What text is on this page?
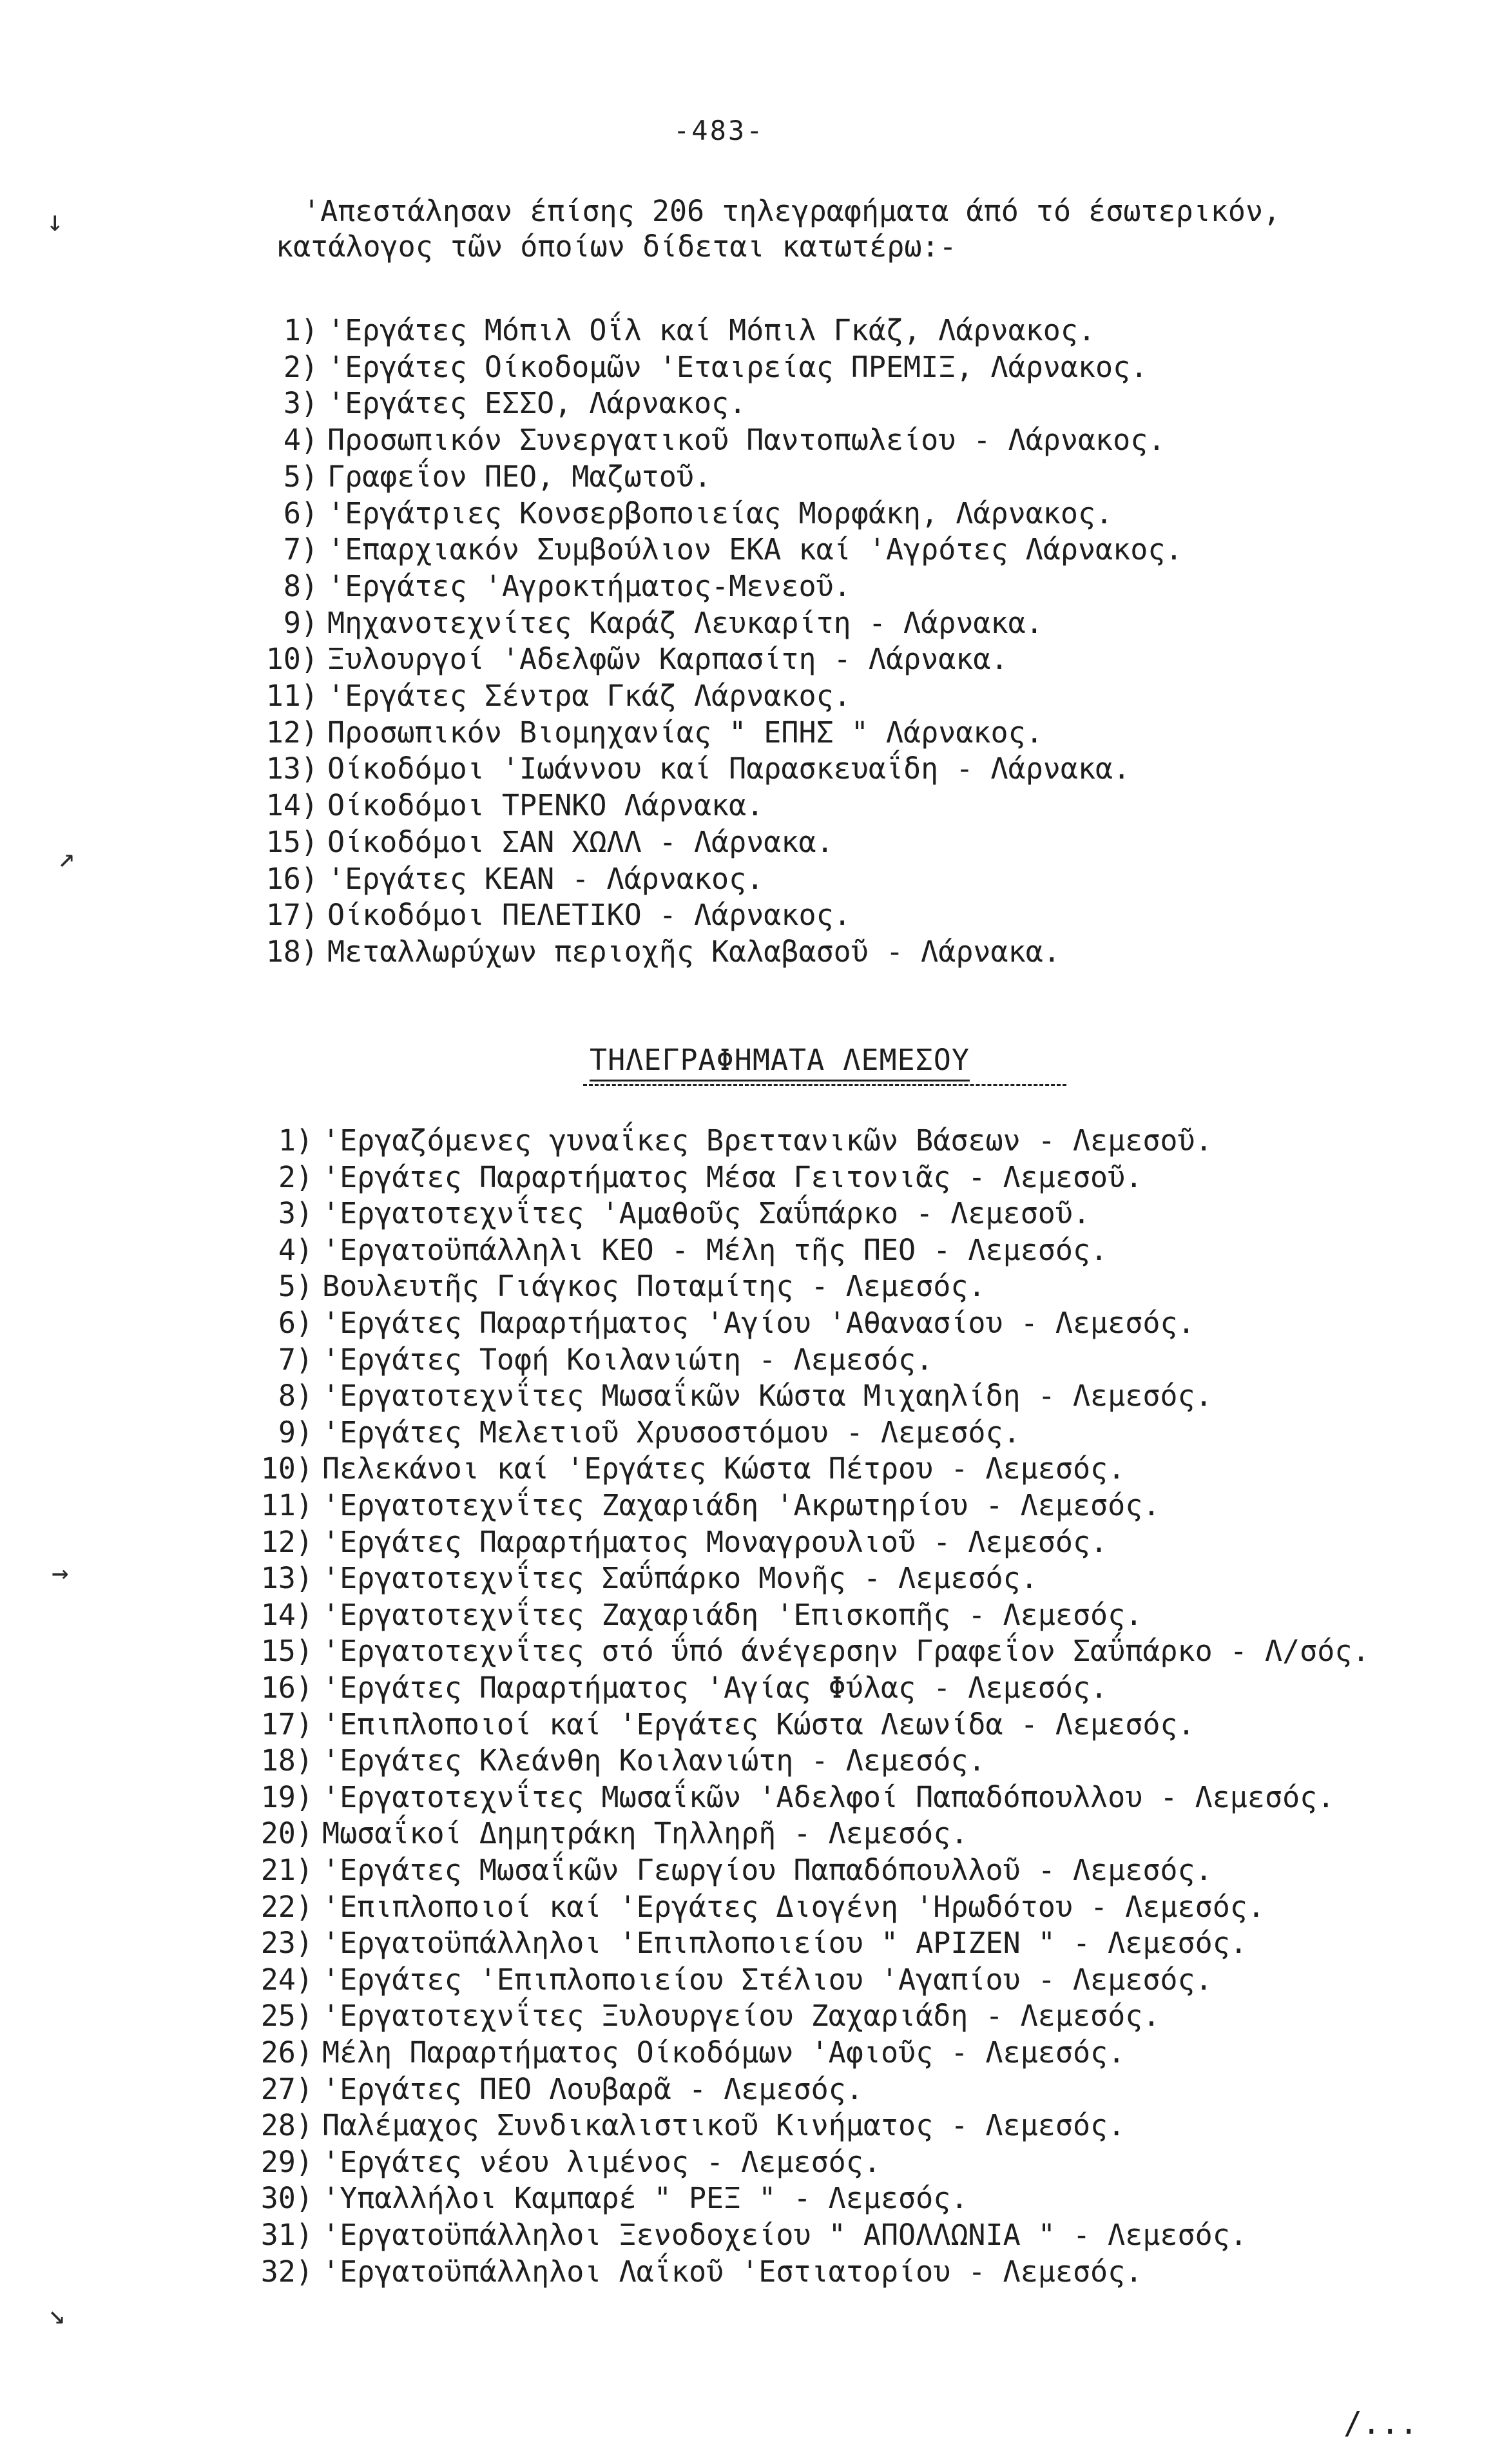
-483-

'Απεστάλησαν έπίσης 206 τηλεγραφήματα άπό τό έσωτερικόν,

κατάλογος τῶν όποίων δίδεται κατωτέρω:-

1) 'Εργάτες Μόπιλ Οΐλ καί Μόπιλ Γκάζ, Λάρνακος.
2) 'Εργάτες Οίκοδομῶν 'Εταιρείας ΠΡΕΜΙΞ, Λάρνακος.
3) 'Εργάτες ΕΣΣΟ, Λάρνακος.
4) Προσωπικόν Συνεργατικοῦ Παντοπωλείου - Λάρνακος.
5) Γραφεΐον ΠΕΟ, Μαζωτοῦ.
6) 'Εργάτριες Κονσερβοποιείας Μορφάκη, Λάρνακος.
7) 'Επαρχιακόν Συμβούλιον ΕΚΑ καί 'Αγρότες Λάρνακος.
8) 'Εργάτες 'Αγροκτήματος-Μενεοῦ.
9) Μηχανοτεχνίτες Καράζ Λευκαρίτη - Λάρνακα.
10) Ξυλουργοί 'Αδελφῶν Καρπασίτη - Λάρνακα.
11) 'Εργάτες Σέντρα Γκάζ Λάρνακος.
12) Προσωπικόν Βιομηχανίας " ΕΠΗΣ " Λάρνακος.
13) Οίκοδόμοι 'Ιωάννου καί Παρασκευαΐδη - Λάρνακα.
14) Οίκοδόμοι ΤΡΕΝΚΟ Λάρνακα.
15) Οίκοδόμοι ΣΑΝ ΧΩΛΛ - Λάρνακα.
16) 'Εργάτες ΚΕΑΝ - Λάρνακος.
17) Οίκοδόμοι ΠΕΛΕΤΙΚΟ - Λάρνακος.
18) Μεταλλωρύχων περιοχῆς Καλαβασοῦ - Λάρνακα.
1) 'Εργαζόμενες γυναΐκες Βρεττανικῶν Βάσεων - Λεμεσοῦ.
2) 'Εργάτες Παραρτήματος Μέσα Γειτονιᾶς - Λεμεσοῦ.
3) 'Εργατοτεχνΐτες 'Αμαθοῦς Σαΰπάρκο - Λεμεσοῦ.
4) 'Εργατοϋπάλληλι ΚΕΟ - Μέλη τῆς ΠΕΟ - Λεμεσός.
5) Βουλευτῆς Γιάγκος Ποταμίτης - Λεμεσός.
6) 'Εργάτες Παραρτήματος 'Αγίου 'Αθανασίου - Λεμεσός.
7) 'Εργάτες Τοφή Κοιλανιώτη - Λεμεσός.
8) 'Εργατοτεχνΐτες Μωσαΐκῶν Κώστα Μιχαηλίδη - Λεμεσός.
9) 'Εργάτες Μελετιοῦ Χρυσοστόμου - Λεμεσός.
10) Πελεκάνοι καί 'Εργάτες Κώστα Πέτρου - Λεμεσός.
11) 'Εργατοτεχνΐτες Ζαχαριάδη 'Ακρωτηρίου - Λεμεσός.
12) 'Εργάτες Παραρτήματος Μοναγρουλιοῦ - Λεμεσός.
13) 'Εργατοτεχνΐτες Σαΰπάρκο Μονῆς - Λεμεσός.
14) 'Εργατοτεχνΐτες Ζαχαριάδη 'Επισκοπῆς - Λεμεσός.
15) 'Εργατοτεχνΐτες στό ΰπό άνέγερσην Γραφεΐον Σαΰπάρκο - Λ/σός.
16) 'Εργάτες Παραρτήματος 'Αγίας Φύλας - Λεμεσός.
17) 'Επιπλοποιοί καί 'Εργάτες Κώστα Λεωνίδα - Λεμεσός.
18) 'Εργάτες Κλεάνθη Κοιλανιώτη - Λεμεσός.
19) 'Εργατοτεχνΐτες Μωσαΐκῶν 'Αδελφοί Παπαδόπουλλου - Λεμεσός.
20) Μωσαΐκοί Δημητράκη Τηλληρῆ - Λεμεσός.
21) 'Εργάτες Μωσαΐκῶν Γεωργίου Παπαδόπουλλοῦ - Λεμεσός.
22) 'Επιπλοποιοί καί 'Εργάτες Διογένη 'Ηρωδότου - Λεμεσός.
23) 'Εργατοϋπάλληλοι 'Επιπλοποιείου " ΑΡΙΖΕΝ " - Λεμεσός.
24) 'Εργάτες 'Επιπλοποιείου Στέλιου 'Αγαπίου - Λεμεσός.
25) 'Εργατοτεχνΐτες Ξυλουργείου Ζαχαριάδη - Λεμεσός.
26) Μέλη Παραρτήματος Οίκοδόμων 'Αφιοῦς - Λεμεσός.
27) 'Εργάτες ΠΕΟ Λουβαρᾶ - Λεμεσός.
28) Παλέμαχος Συνδικαλιστικοῦ Κινήματος - Λεμεσός.
29) 'Εργάτες νέου λιμένος - Λεμεσός.
30) 'Υπαλλήλοι Καμπαρέ " ΡΕΞ " - Λεμεσός.
31) 'Εργατοϋπάλληλοι Ξενοδοχείου " ΑΠΟΛΛΩΝΙΑ " - Λεμεσός.
32) 'Εργατοϋπάλληλοι Λαΐκοῦ 'Εστιατορίου - Λεμεσός.
ΤΗΛΕΓΡΑΦΗΜΑΤΑ ΛΕΜΕΣΟΥ
/...
↓
↗
→
↘
